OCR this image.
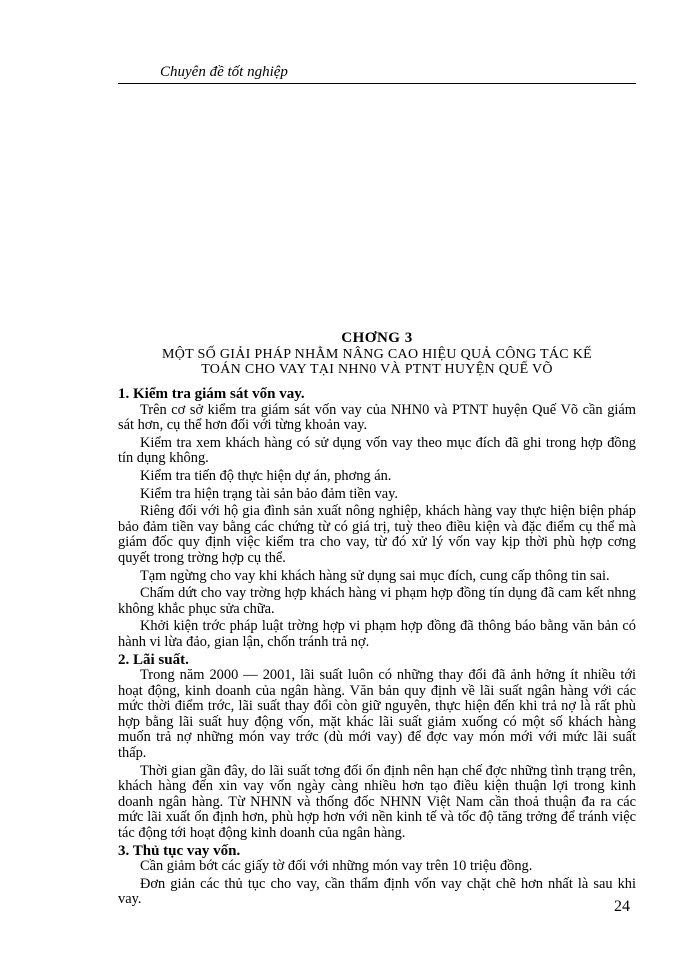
Chuyên đề tốt nghiệp
CHƠNG 3
MỘT SỐ GIẢI PHÁP NHẰM NÂNG CAO HIỆU QUẢ CÔNG TÁC KẾ
TOÁN CHO VAY TẠI NHN0 VÀ PTNT HUYỆN QUẾ VÕ
1. Kiểm tra giám sát vốn vay.
Trên cơ sở kiểm tra giám sát vốn vay của NHN0 và PTNT huyện Quế Võ cần giám sát hơn, cụ thể hơn đối với từng khoản vay.
Kiểm tra xem khách hàng có sử dụng vốn vay theo mục đích đã ghi trong hợp đồng tín dụng không.
Kiểm tra tiến độ thực hiện dự án, phơng án.
Kiểm tra hiện trạng tài sản bảo đảm tiền vay.
Riêng đối với hộ gia đình sản xuất nông nghiệp, khách hàng vay thực hiện biện pháp bảo đảm tiền vay bằng các chứng từ có giá trị, tuỳ theo điều kiện và đặc điểm cụ thể mà giám đốc quy định việc kiểm tra cho vay, từ đó xử lý vốn vay kịp thời phù hợp cơng quyết trong trờng hợp cụ thể.
Tạm ngừng cho vay khi khách hàng sử dụng sai mục đích, cung cấp thông tin sai.
Chấm dứt cho vay trờng hợp khách hàng vi phạm hợp đồng tín dụng đã cam kết nhng không khắc phục sửa chữa.
Khởi kiện trớc pháp luật trờng hợp vi phạm hợp đồng đã thông báo bằng văn bản có hành vi lừa đảo, gian lận, chốn tránh trả nợ.
2. Lãi suất.
Trong năm 2000 — 2001, lãi suất luôn có những thay đổi đã ảnh hởng ít nhiều tới hoạt động, kinh doanh của ngân hàng. Văn bản quy định về lãi suất ngân hàng với các mức thời điểm trớc, lãi suất thay đổi còn giữ nguyên, thực hiện đến khi trả nợ là rất phù hợp bằng lãi suất huy động vốn, mặt khác lãi suất giảm xuống có một số khách hàng muốn trả nợ những món vay trớc (dù mới vay) để đợc vay món mới với mức lãi suất thấp.
Thời gian gần đây, do lãi suất tơng đối ổn định nên hạn chế đợc những tình trạng trên, khách hàng đến xin vay vốn ngày càng nhiều hơn tạo điều kiện thuận lợi trong kinh doanh ngân hàng. Từ NHNN và thống đốc NHNN Việt Nam cần thoả thuận đa ra các mức lãi xuất ổn định hơn, phù hợp hơn với nền kinh tế và tốc độ tăng trởng để tránh việc tác động tới hoạt động kinh doanh của ngân hàng.
3. Thủ tục vay vốn.
Cần giảm bớt các giấy tờ đối với những món vay trên 10 triệu đồng.
Đơn giản các thủ tục cho vay, cần thẩm định vốn vay chặt chẽ hơn nhất là sau khi vay.	24
